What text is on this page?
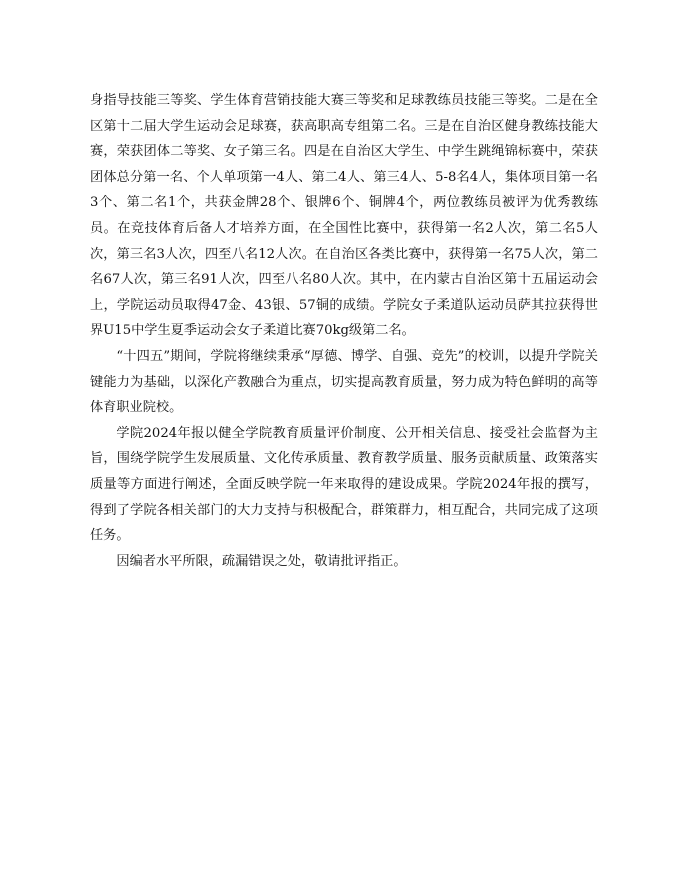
身指导技能三等奖、学生体育营销技能大赛三等奖和足球教练员技能三等奖。二是在全区第十二届大学生运动会足球赛，获高职高专组第二名。三是在自治区健身教练技能大赛，荣获团体二等奖、女子第三名。四是在自治区大学生、中学生跳绳锦标赛中，荣获团体总分第一名、个人单项第一4人、第二4人、第三4人、5-8名4人，集体项目第一名3个、第二名1个，共获金牌28个、银牌6个、铜牌4个，两位教练员被评为优秀教练员。在竞技体育后备人才培养方面，在全国性比赛中，获得第一名2人次，第二名5人次，第三名3人次，四至八名12人次。在自治区各类比赛中，获得第一名75人次，第二名67人次，第三名91人次，四至八名80人次。其中，在内蒙古自治区第十五届运动会上，学院运动员取得47金、43银、57铜的成绩。学院女子柔道队运动员萨其拉获得世界U15中学生夏季运动会女子柔道比赛70kg级第二名。

“十四五”期间，学院将继续秉承“厚德、博学、自强、竞先”的校训，以提升学院关键能力为基础，以深化产教融合为重点，切实提高教育质量，努力成为特色鲜明的高等体育职业院校。

学院2024年报以健全学院教育质量评价制度、公开相关信息、接受社会监督为主旨，围绕学院学生发展质量、文化传承质量、教育教学质量、服务贡献质量、政策落实质量等方面进行阐述，全面反映学院一年来取得的建设成果。学院2024年报的撰写，得到了学院各相关部门的大力支持与积极配合，群策群力，相互配合，共同完成了这项任务。

因编者水平所限，疏漏错误之处，敬请批评指正。
